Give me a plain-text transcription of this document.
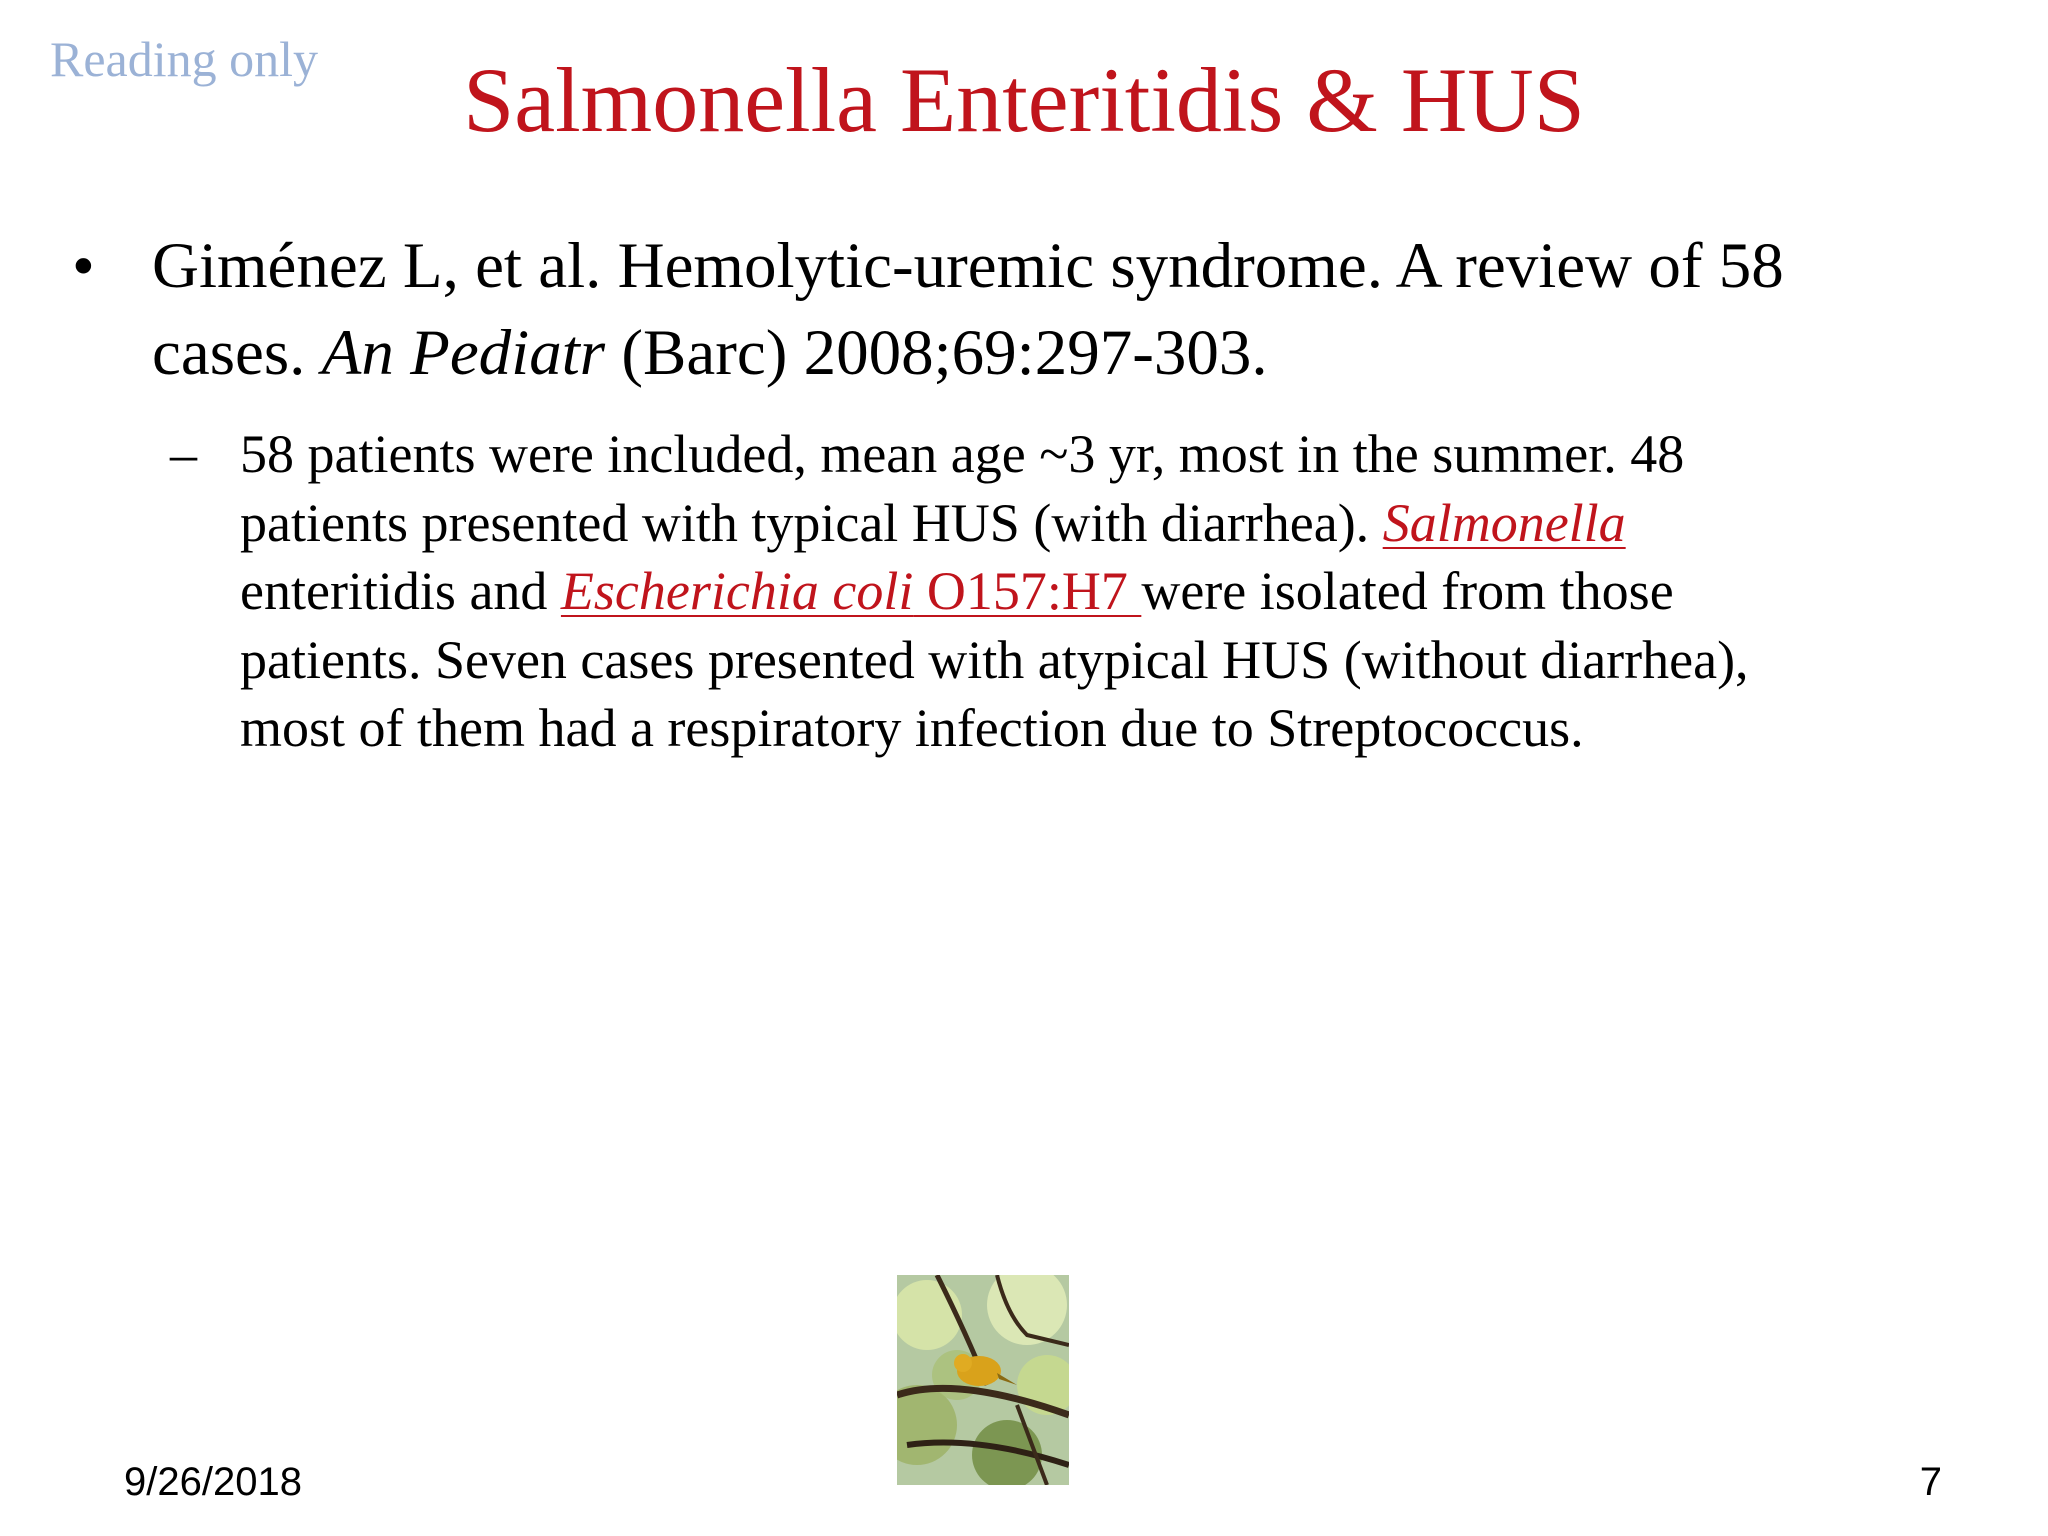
Reading only	Salmonella Enteritidis & HUS
• Giménez L, et al. Hemolytic-uremic syndrome. A review of 58
cases. An Pediatr (Barc) 2008;69:297-303.
– 58 patients were included, mean age ~3 yr, most in the summer. 48
patients presented with typical HUS (with diarrhea). Salmonella
enteritidis and Escherichia coli O157:H7 were isolated from those
patients. Seven cases presented with atypical HUS (without diarrhea),
most of them had a respiratory infection due to Streptococcus.
9/26/2018	7
